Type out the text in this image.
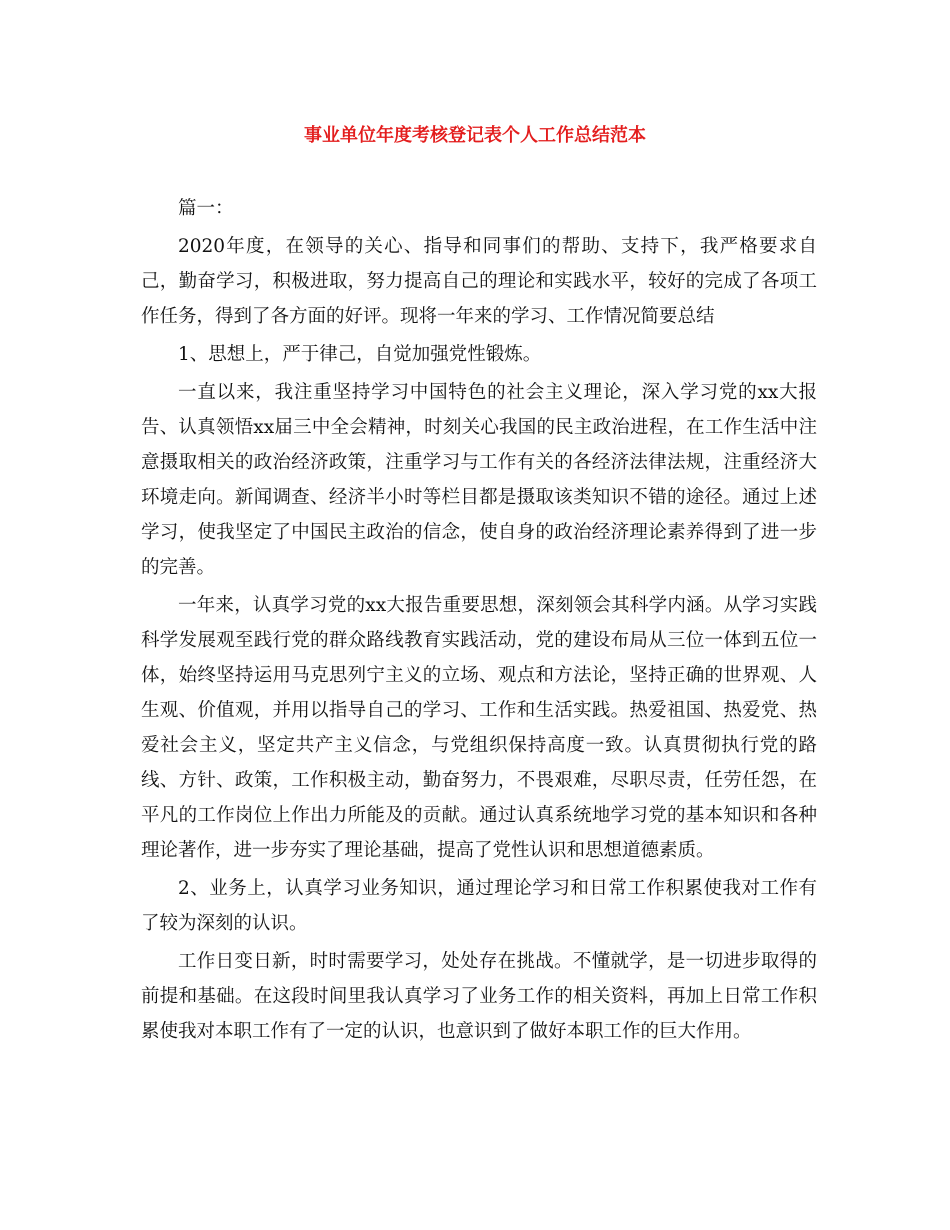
事业单位年度考核登记表个人工作总结范本

篇一：

2020年度，在领导的关心、指导和同事们的帮助、支持下，我严格要求自己，勤奋学习，积极进取，努力提高自己的理论和实践水平，较好的完成了各项工作任务，得到了各方面的好评。现将一年来的学习、工作情况简要总结

1、思想上，严于律己，自觉加强党性锻炼。

一直以来，我注重坚持学习中国特色的社会主义理论，深入学习党的xx大报告、认真领悟xx届三中全会精神，时刻关心我国的民主政治进程，在工作生活中注意摄取相关的政治经济政策，注重学习与工作有关的各经济法律法规，注重经济大环境走向。新闻调查、经济半小时等栏目都是摄取该类知识不错的途径。通过上述学习，使我坚定了中国民主政治的信念，使自身的政治经济理论素养得到了进一步的完善。

一年来，认真学习党的xx大报告重要思想，深刻领会其科学内涵。从学习实践科学发展观至践行党的群众路线教育实践活动，党的建设布局从三位一体到五位一体，始终坚持运用马克思列宁主义的立场、观点和方法论，坚持正确的世界观、人生观、价值观，并用以指导自己的学习、工作和生活实践。热爱祖国、热爱党、热爱社会主义，坚定共产主义信念，与党组织保持高度一致。认真贯彻执行党的路线、方针、政策，工作积极主动，勤奋努力，不畏艰难，尽职尽责，任劳任怨，在平凡的工作岗位上作出力所能及的贡献。通过认真系统地学习党的基本知识和各种理论著作，进一步夯实了理论基础，提高了党性认识和思想道德素质。

2、业务上，认真学习业务知识，通过理论学习和日常工作积累使我对工作有了较为深刻的认识。

工作日变日新，时时需要学习，处处存在挑战。不懂就学，是一切进步取得的前提和基础。在这段时间里我认真学习了业务工作的相关资料，再加上日常工作积累使我对本职工作有了一定的认识，也意识到了做好本职工作的巨大作用。
